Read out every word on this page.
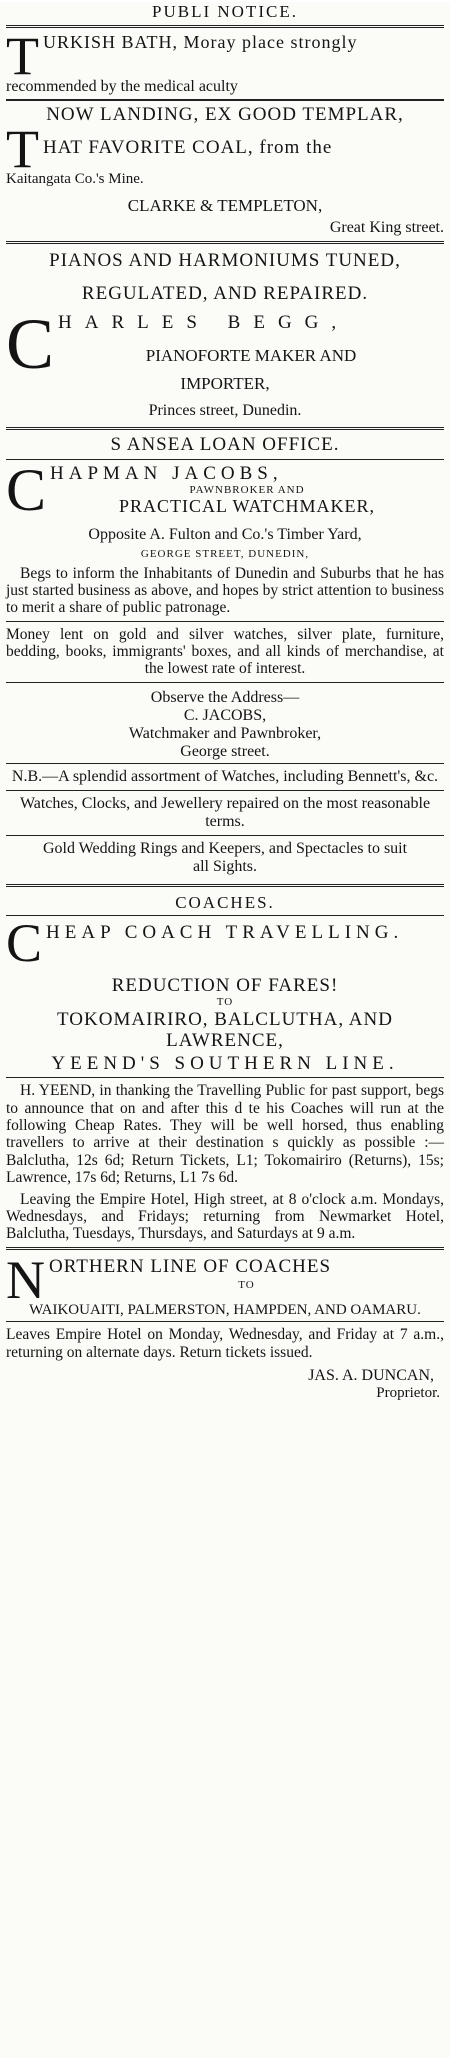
PUBLI NOTICE.
T URKISH BATH, Moray place strongly
recommended by the medical aculty
NOW LANDING, EX GOOD TEMPLAR,
T HAT FAVORITE COAL, from the
Kaitangata Co.'s Mine.
CLARKE & TEMPLETON,
Great King street.
PIANOS AND HARMONIUMS TUNED,
REGULATED, AND REPAIRED.
C HARLES BEGG,
PIANOFORTE MAKER AND
IMPORTER,
Princes street, Dunedin.
S ANSEA LOAN OFFICE.
C HAPMAN JACOBS,
PAWNBROKER AND
PRACTICAL WATCHMAKER,
Opposite A. Fulton and Co.'s Timber Yard,
GEORGE STREET, DUNEDIN,
Begs to inform the Inhabitants of Dunedin and Suburbs that he has just started business as above, and hopes by strict attention to business to merit a share of public patronage.
Money lent on gold and silver watches, silver plate, furniture, bedding, books, immigrants' boxes, and all kinds of merchandise, at the lowest rate of interest.
Observe the Address—
C. JACOBS,
Watchmaker and Pawnbroker,
George street.
N.B.—A splendid assortment of Watches, including Bennett's, &c.
Watches, Clocks, and Jewellery repaired on the most reasonable terms.
Gold Wedding Rings and Keepers, and Spectacles to suit all Sights.
COACHES.
C HEAP COACH TRAVELLING.
REDUCTION OF FARES!
TO
TOKOMAIRIRO, BALCLUTHA, AND LAWRENCE,
YEEND'S SOUTHERN LINE.
H. YEEND, in thanking the Travelling Public for past support, begs to announce that on and after this d te his Coaches will run at the following Cheap Rates. They will be well horsed, thus enabling travellers to arrive at their destination s quickly as possible :—Balclutha, 12s 6d; Return Tickets, L1; Tokomairiro (Returns), 15s; Lawrence, 17s 6d; Returns, L1 7s 6d.
Leaving the Empire Hotel, High street, at 8 o'clock a.m. Mondays, Wednesdays, and Fridays; returning from Newmarket Hotel, Balclutha, Tuesdays, Thursdays, and Saturdays at 9 a.m.
N ORTHERN LINE OF COACHES
TO
WAIKOUAITI, PALMERSTON, HAMPDEN, AND OAMARU.
Leaves Empire Hotel on Monday, Wednesday, and Friday at 7 a.m., returning on alternate days. Return tickets issued.
JAS. A. DUNCAN,
Proprietor.
